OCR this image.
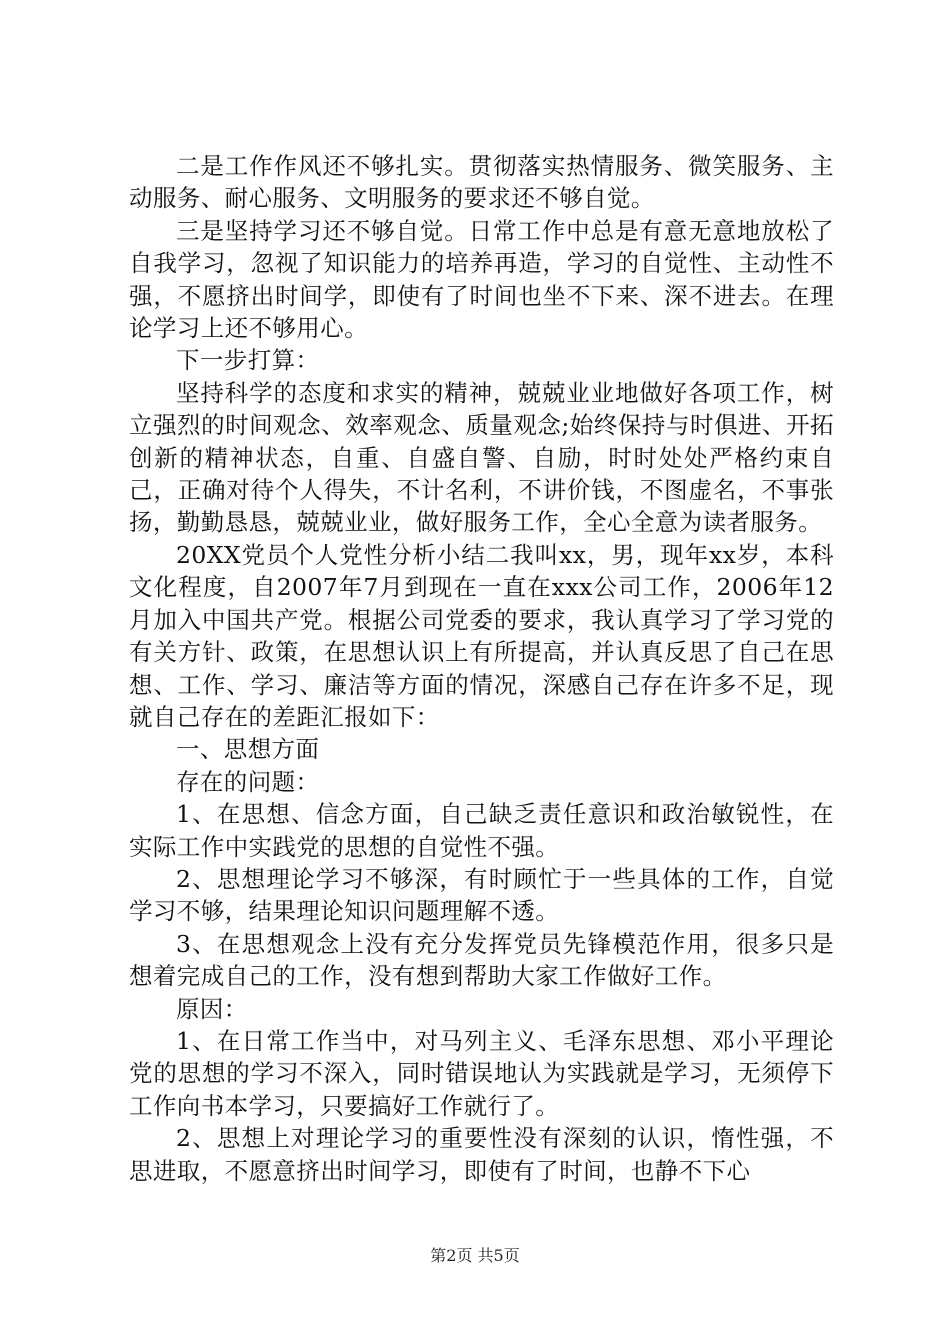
二是工作作风还不够扎实。贯彻落实热情服务、微笑服务、主动服务、耐心服务、文明服务的要求还不够自觉。

三是坚持学习还不够自觉。日常工作中总是有意无意地放松了自我学习，忽视了知识能力的培养再造，学习的自觉性、主动性不强，不愿挤出时间学，即使有了时间也坐不下来、深不进去。在理论学习上还不够用心。

下一步打算：

坚持科学的态度和求实的精神，兢兢业业地做好各项工作，树立强烈的时间观念、效率观念、质量观念;始终保持与时俱进、开拓创新的精神状态，自重、自盛自警、自励，时时处处严格约束自己，正确对待个人得失，不计名利，不讲价钱，不图虚名，不事张扬，勤勤恳恳，兢兢业业，做好服务工作，全心全意为读者服务。

20XX党员个人党性分析小结二我叫xx，男，现年xx岁，本科文化程度，自2007年7月到现在一直在xxx公司工作，2006年12月加入中国共产党。根据公司党委的要求，我认真学习了学习党的有关方针、政策，在思想认识上有所提高，并认真反思了自己在思想、工作、学习、廉洁等方面的情况，深感自己存在许多不足，现就自己存在的差距汇报如下：

一、思想方面

存在的问题：

1、在思想、信念方面，自己缺乏责任意识和政治敏锐性，在实际工作中实践党的思想的自觉性不强。

2、思想理论学习不够深，有时顾忙于一些具体的工作，自觉学习不够，结果理论知识问题理解不透。

3、在思想观念上没有充分发挥党员先锋模范作用，很多只是想着完成自己的工作，没有想到帮助大家工作做好工作。

原因：

1、在日常工作当中，对马列主义、毛泽东思想、邓小平理论党的思想的学习不深入，同时错误地认为实践就是学习，无须停下工作向书本学习，只要搞好工作就行了。

2、思想上对理论学习的重要性没有深刻的认识，惰性强，不思进取，不愿意挤出时间学习，即使有了时间，也静不下心

第2页 共5页
